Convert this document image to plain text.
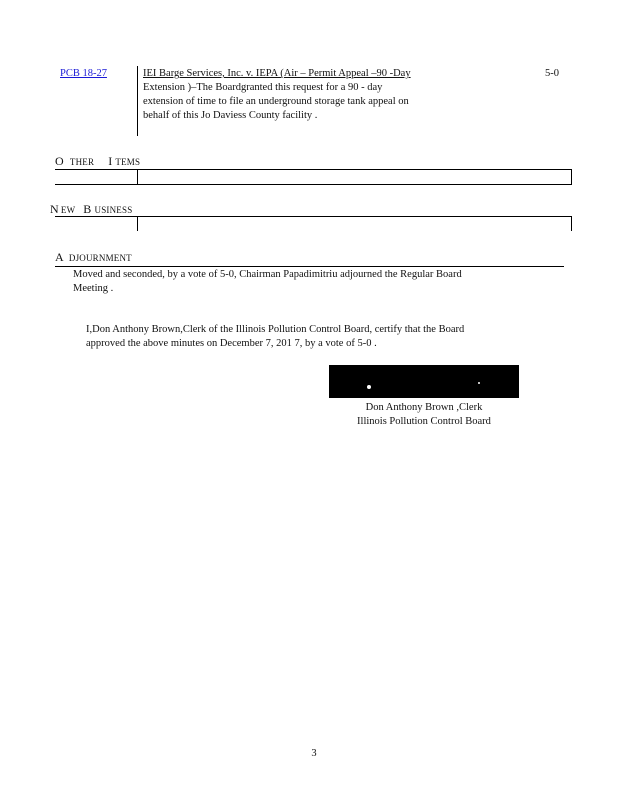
PCB 18-27	IEI Barge Services, Inc. v. IEPA (Air – Permit Appeal –90 -Day
Extension )–The Boardgranted this request for a 90 - day
extension of time to file an underground storage tank appeal on
behalf of this Jo Daviess County facility .
5-0
O THER I TEMS
N EW B USINESS
A DJOURNMENT
Moved and seconded, by a vote of 5-0, Chairman Papadimitriu adjourned the Regular Board
Meeting .
I,Don Anthony Brown,Clerk of the Illinois Pollution Control Board, certify that the Board
approved the above minutes on December 7, 201 7, by a vote of 5-0 .
Don Anthony Brown ,Clerk
Illinois Pollution Control Board
3
